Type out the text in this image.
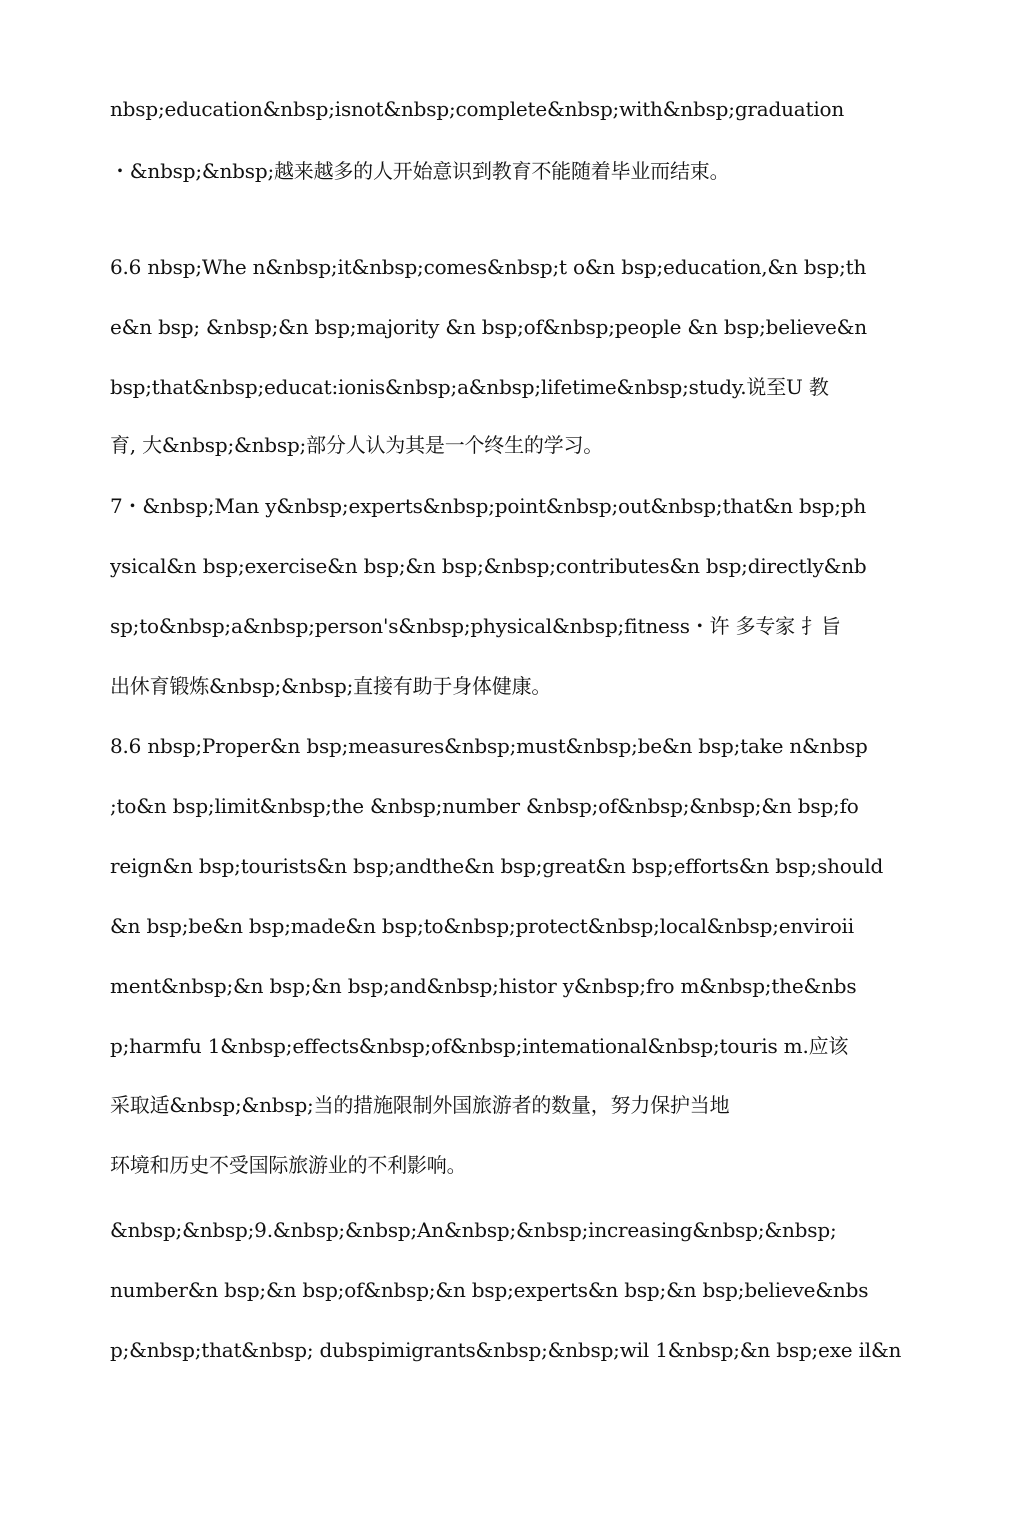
nbsp;education&nbsp;isnot&nbsp;complete&nbsp;with&nbsp;graduation
・&nbsp;&nbsp;越来越多的人开始意识到教育不能随着毕业而结束。
6.6 nbsp;Whe n&nbsp;it&nbsp;comes&nbsp;t o&n bsp;education,&n bsp;th
e&n bsp; &nbsp;&n bsp;majority &n bsp;of&nbsp;people &n bsp;believe&n
bsp;that&nbsp;educat:ionis&nbsp;a&nbsp;lifetime&nbsp;study.说至U 教
育, 大&nbsp;&nbsp;部分人认为其是一个终生的学习。
7・&nbsp;Man y&nbsp;experts&nbsp;point&nbsp;out&nbsp;that&n bsp;ph
ysical&n bsp;exercise&n bsp;&n bsp;&nbsp;contributes&n bsp;directly&nb
sp;to&nbsp;a&nbsp;person's&nbsp;physical&nbsp;fitness・许 多专家 扌旨
出休育锻炼&nbsp;&nbsp;直接有助于身体健康。
8.6 nbsp;Proper&n bsp;measures&nbsp;must&nbsp;be&n bsp;take n&nbsp
;to&n bsp;limit&nbsp;the &nbsp;number &nbsp;of&nbsp;&nbsp;&n bsp;fo
reign&n bsp;tourists&n bsp;andthe&n bsp;great&n bsp;efforts&n bsp;should
&n bsp;be&n bsp;made&n bsp;to&nbsp;protect&nbsp;local&nbsp;enviroii
ment&nbsp;&n bsp;&n bsp;and&nbsp;histor y&nbsp;fro m&nbsp;the&nbs
p;harmfu 1&nbsp;effects&nbsp;of&nbsp;intemational&nbsp;touris m.应该
采取适&nbsp;&nbsp;当的措施限制外国旅游者的数量，努力保护当地
环境和历史不受国际旅游业的不利影响。
&nbsp;&nbsp;9.&nbsp;&nbsp;An&nbsp;&nbsp;increasing&nbsp;&nbsp;
number&n bsp;&n bsp;of&nbsp;&n bsp;experts&n bsp;&n bsp;believe&nbs
p;&nbsp;that&nbsp; dubspimigrants&nbsp;&nbsp;wil 1&nbsp;&n bsp;exe il&n
